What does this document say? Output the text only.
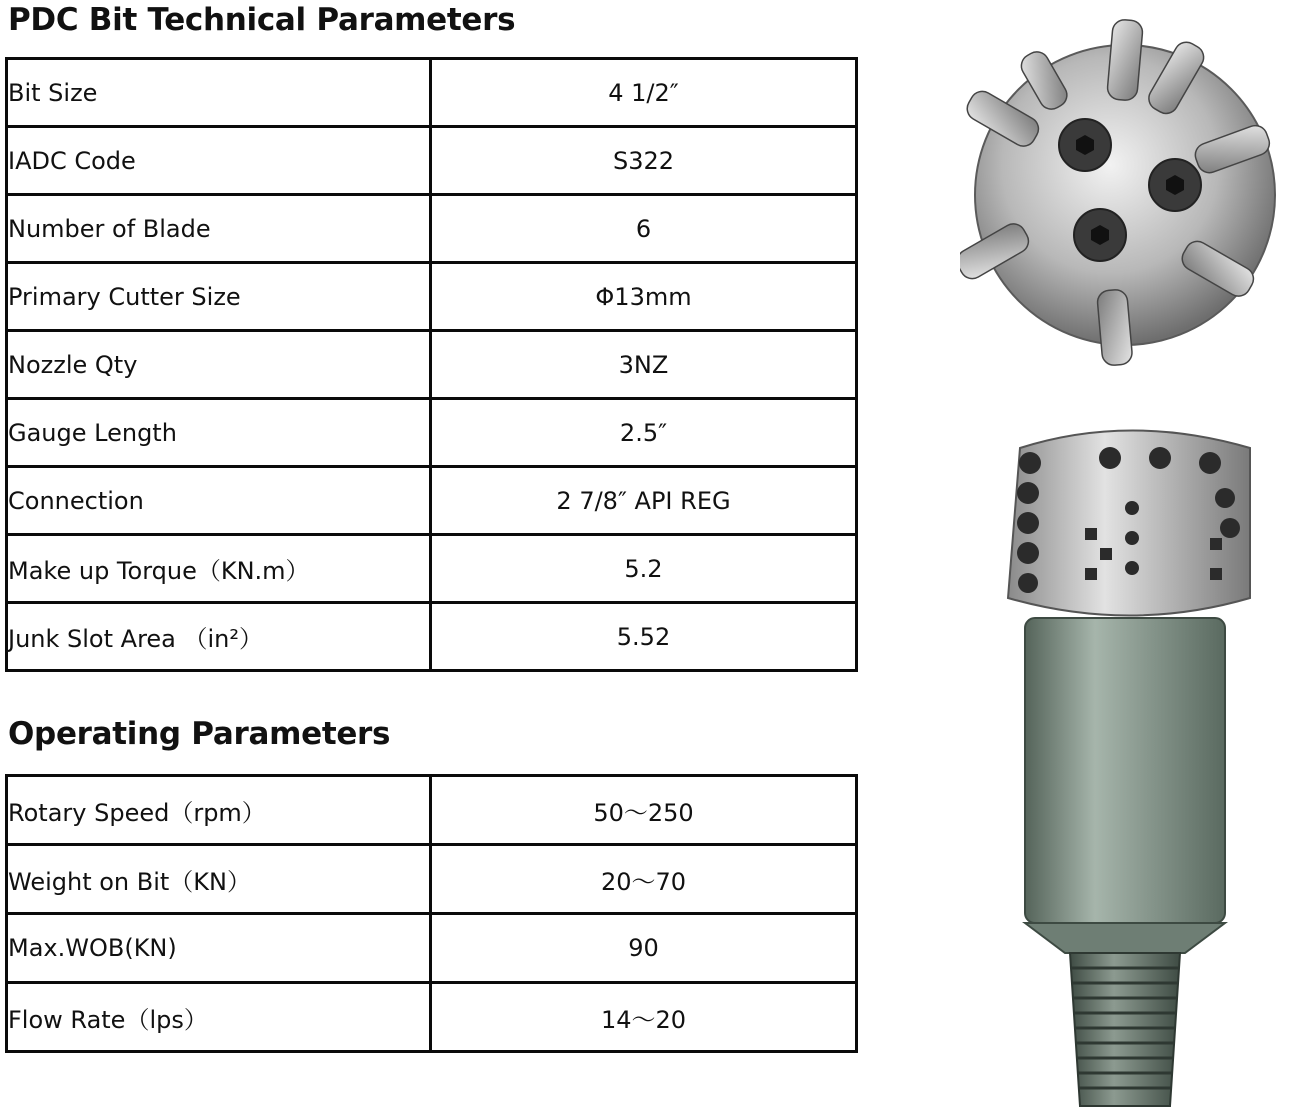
PDC Bit Technical Parameters
Bit Size	4 1/2″
IADC Code	S322
Number of Blade	6
Primary Cutter Size	Φ13mm
Nozzle Qty	3NZ
Gauge Length	2.5″
Connection	2 7/8″ API REG
Make up Torque（KN.m）	5.2
Junk Slot Area （in²）	5.52
Operating Parameters
Rotary Speed（rpm）	50～250
Weight on Bit（KN）	20～70
Max.WOB(KN)	90
Flow Rate（lps）	14～20
